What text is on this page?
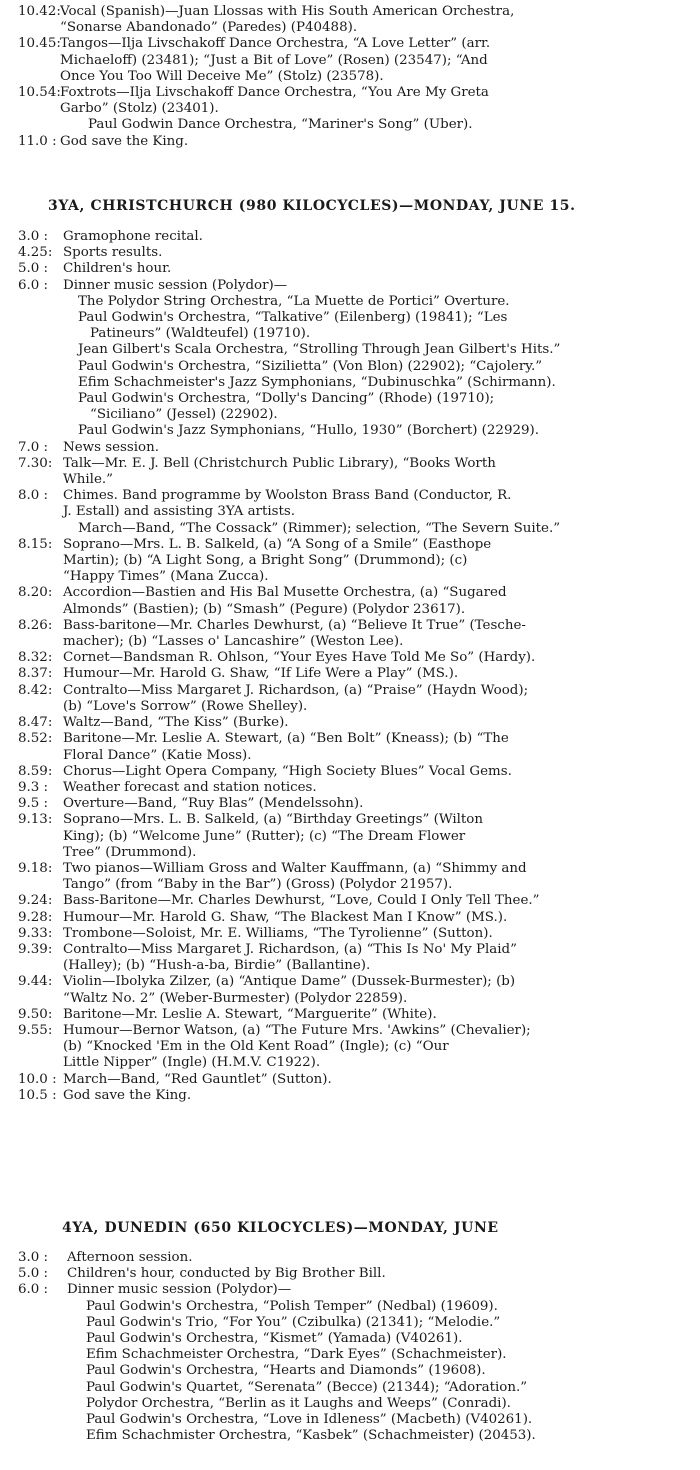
10.42: Vocal (Spanish)—Juan Llossas with His South American Orchestra,
“Sonarse Abandonado” (Paredes) (P40488).
10.45: Tangos—Ilja Livschakoff Dance Orchestra, “A Love Letter” (arr.
Michaeloff) (23481); “Just a Bit of Love” (Rosen) (23547); “And
Once You Too Will Deceive Me” (Stolz) (23578).
10.54: Foxtrots—Ilja Livschakoff Dance Orchestra, “You Are My Greta
Garbo” (Stolz) (23401).
Paul Godwin Dance Orchestra, “Mariner's Song” (Uber).
11.0 : God save the King.
3YA, CHRISTCHURCH (980 KILOCYCLES)—MONDAY, JUNE 15.
3.0 : Gramophone recital.
4.25: Sports results.
5.0 : Children's hour.
6.0 : Dinner music session (Polydor)—
The Polydor String Orchestra, “La Muette de Portici” Overture.
Paul Godwin's Orchestra, “Talkative” (Eilenberg) (19841); “Les
Patineurs” (Waldteufel) (19710).
Jean Gilbert's Scala Orchestra, “Strolling Through Jean Gilbert's Hits.”
Paul Godwin's Orchestra, “Sizilietta” (Von Blon) (22902); “Cajolery.”
Efim Schachmeister's Jazz Symphonians, “Dubinuschka” (Schirmann).
Paul Godwin's Orchestra, “Dolly's Dancing” (Rhode) (19710);
“Siciliano” (Jessel) (22902).
Paul Godwin's Jazz Symphonians, “Hullo, 1930” (Borchert) (22929).
7.0 : News session.
7.30: Talk—Mr. E. J. Bell (Christchurch Public Library), “Books Worth
While.”
8.0 : Chimes. Band programme by Woolston Brass Band (Conductor, R.
J. Estall) and assisting 3YA artists.
March—Band, “The Cossack” (Rimmer); selection, “The Severn Suite.”
8.15: Soprano—Mrs. L. B. Salkeld, (a) “A Song of a Smile” (Easthope
Martin); (b) “A Light Song, a Bright Song” (Drummond); (c)
“Happy Times” (Mana Zucca).
8.20: Accordion—Bastien and His Bal Musette Orchestra, (a) “Sugared
Almonds” (Bastien); (b) “Smash” (Pegure) (Polydor 23617).
8.26: Bass-baritone—Mr. Charles Dewhurst, (a) “Believe It True” (Tesche-
macher); (b) “Lasses o' Lancashire” (Weston Lee).
8.32: Cornet—Bandsman R. Ohlson, “Your Eyes Have Told Me So” (Hardy).
8.37: Humour—Mr. Harold G. Shaw, “If Life Were a Play” (MS.).
8.42: Contralto—Miss Margaret J. Richardson, (a) “Praise” (Haydn Wood);
(b) “Love's Sorrow” (Rowe Shelley).
8.47: Waltz—Band, “The Kiss” (Burke).
8.52: Baritone—Mr. Leslie A. Stewart, (a) “Ben Bolt” (Kneass); (b) “The
Floral Dance” (Katie Moss).
8.59: Chorus—Light Opera Company, “High Society Blues” Vocal Gems.
9.3 : Weather forecast and station notices.
9.5 : Overture—Band, “Ruy Blas” (Mendelssohn).
9.13: Soprano—Mrs. L. B. Salkeld, (a) “Birthday Greetings” (Wilton
King); (b) “Welcome June” (Rutter); (c) “The Dream Flower
Tree” (Drummond).
9.18: Two pianos—William Gross and Walter Kauffmann, (a) “Shimmy and
Tango” (from “Baby in the Bar”) (Gross) (Polydor 21957).
9.24: Bass-Baritone—Mr. Charles Dewhurst, “Love, Could I Only Tell Thee.”
9.28: Humour—Mr. Harold G. Shaw, “The Blackest Man I Know” (MS.).
9.33: Trombone—Soloist, Mr. E. Williams, “The Tyrolienne” (Sutton).
9.39: Contralto—Miss Margaret J. Richardson, (a) “This Is No' My Plaid”
(Halley); (b) “Hush-a-ba, Birdie” (Ballantine).
9.44: Violin—Ibolyka Zilzer, (a) “Antique Dame” (Dussek-Burmester); (b)
“Waltz No. 2” (Weber-Burmester) (Polydor 22859).
9.50: Baritone—Mr. Leslie A. Stewart, “Marguerite” (White).
9.55: Humour—Bernor Watson, (a) “The Future Mrs. 'Awkins” (Chevalier);
(b) “Knocked 'Em in the Old Kent Road” (Ingle); (c) “Our
Little Nipper” (Ingle) (H.M.V. C1922).
10.0 : March—Band, “Red Gauntlet” (Sutton).
10.5 : God save the King.
4YA, DUNEDIN (650 KILOCYCLES)—MONDAY, JUNE
3.0 : Afternoon session.
5.0 : Children's hour, conducted by Big Brother Bill.
6.0 : Dinner music session (Polydor)—
Paul Godwin's Orchestra, “Polish Temper” (Nedbal) (19609).
Paul Godwin's Trio, “For You” (Czibulka) (21341); “Melodie.”
Paul Godwin's Orchestra, “Kismet” (Yamada) (V40261).
Efim Schachmeister Orchestra, “Dark Eyes” (Schachmeister).
Paul Godwin's Orchestra, “Hearts and Diamonds” (19608).
Paul Godwin's Quartet, “Serenata” (Becce) (21344); “Adoration.”
Polydor Orchestra, “Berlin as it Laughs and Weeps” (Conradi).
Paul Godwin's Orchestra, “Love in Idleness” (Macbeth) (V40261).
Efim Schachmister Orchestra, “Kasbek” (Schachmeister) (20453).
